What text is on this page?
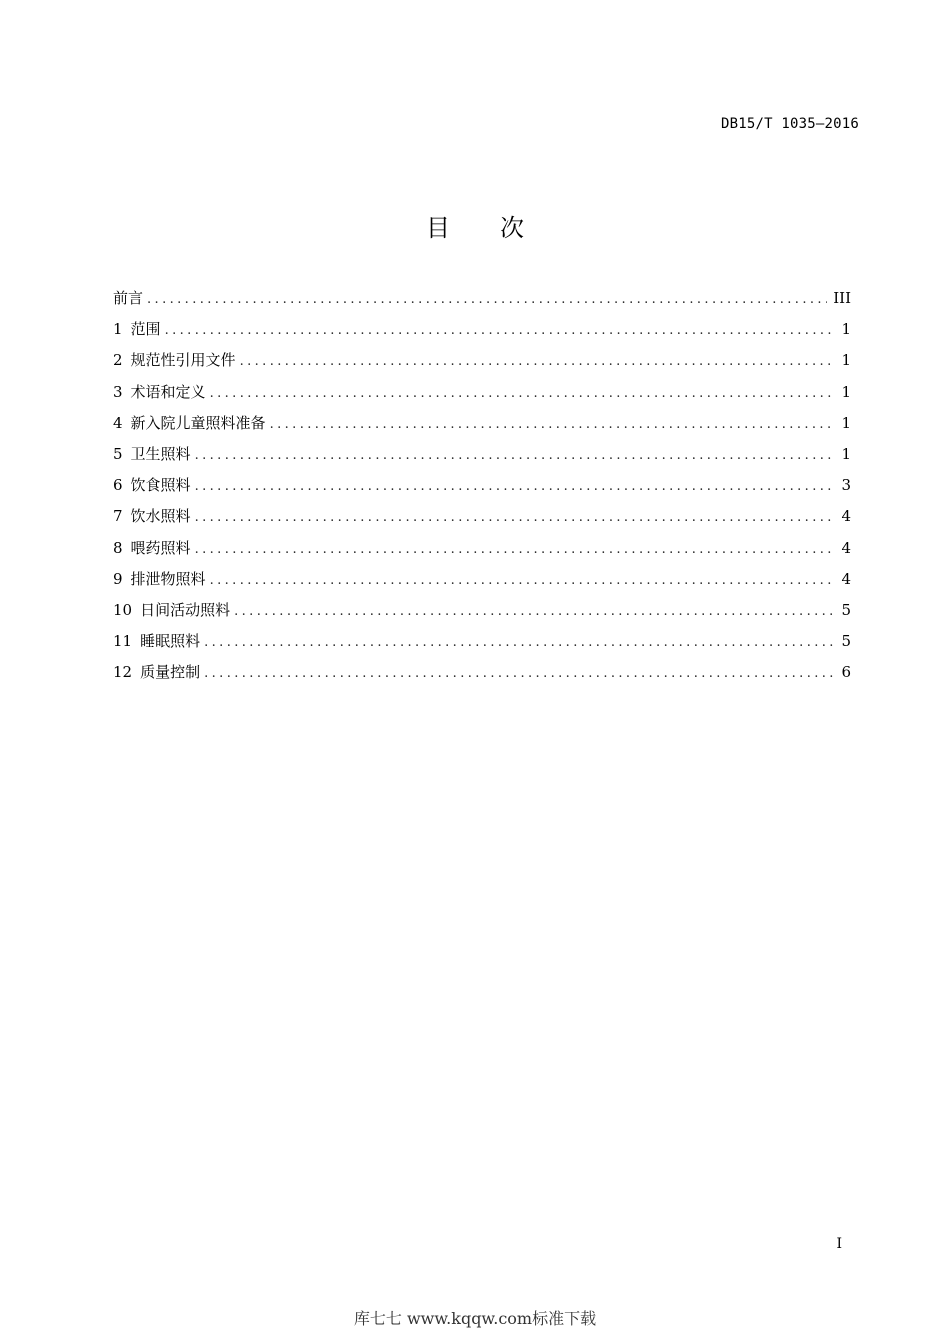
DB15/T 1035—2016
目 次
前言 .....	III
1 范围 .....	1
2 规范性引用文件 .....	1
3 术语和定义 .....	1
4 新入院儿童照料准备 .....	1
5 卫生照料 .....	1
6 饮食照料 .....	3
7 饮水照料 .....	4
8 喂药照料 .....	4
9 排泄物照料 .....	4
10 日间活动照料 .....	5
11 睡眠照料 .....	5
12 质量控制 .....	6
I
库七七 www.kqqw.com标准下载
